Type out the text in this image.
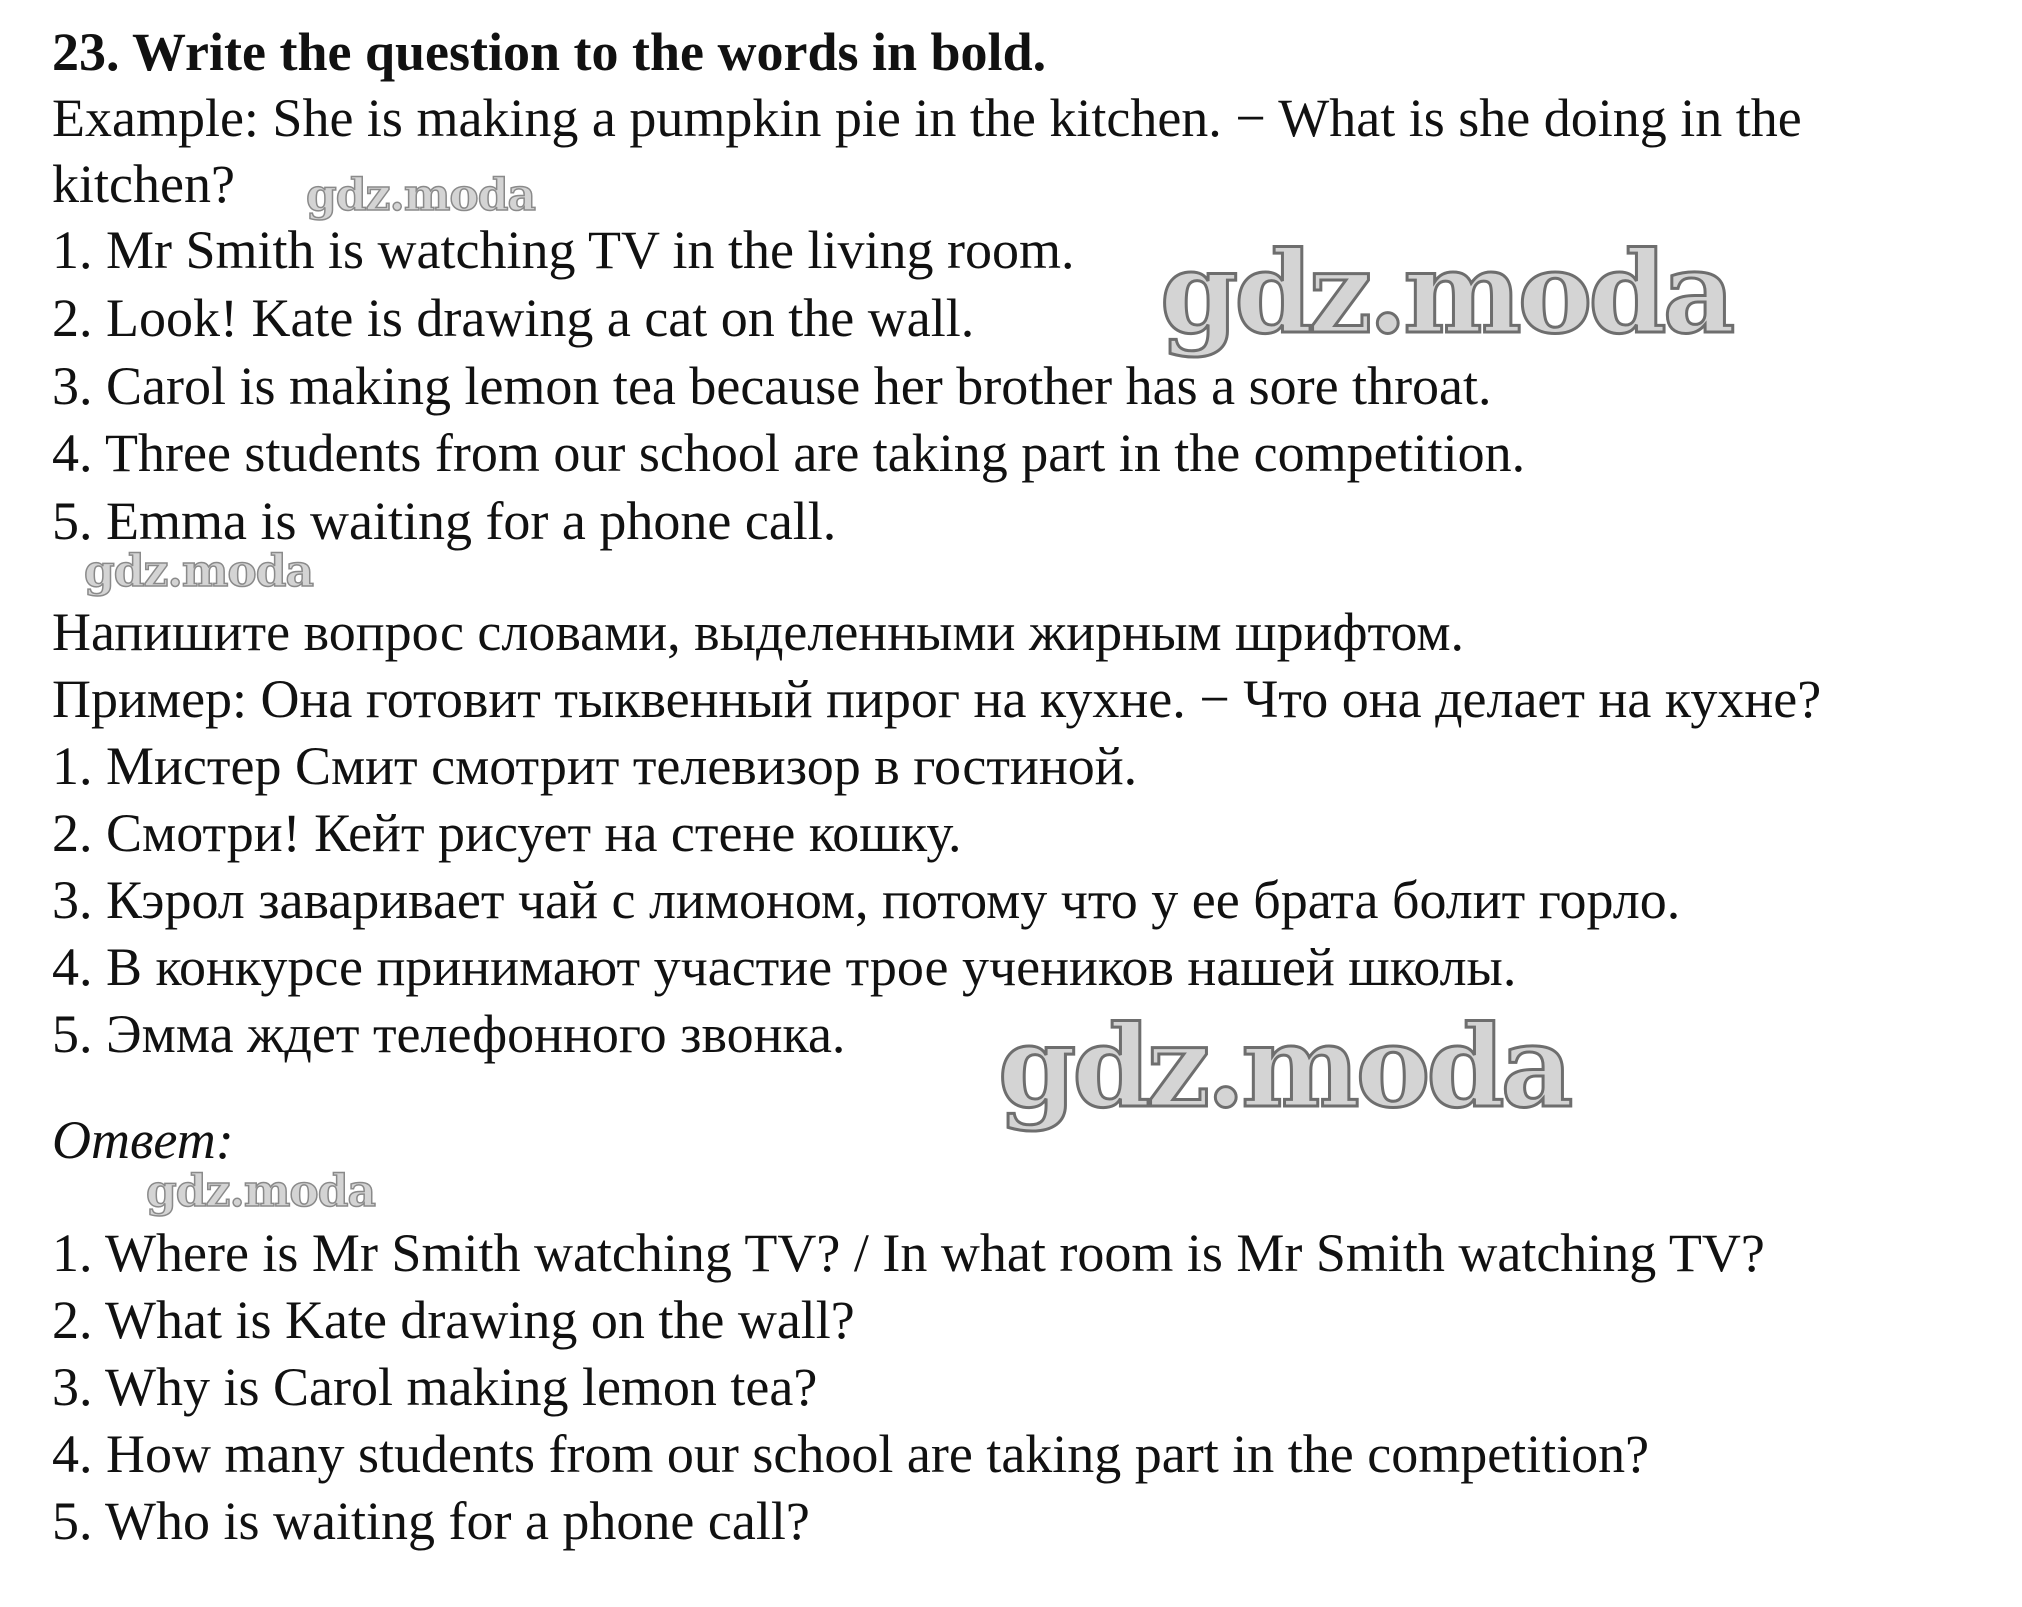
23. Write the question to the words in bold.
Example: She is making a pumpkin pie in the kitchen. − What is she doing in the
kitchen?
1. Mr Smith is watching TV in the living room.
2. Look! Kate is drawing a cat on the wall.
3. Carol is making lemon tea because her brother has a sore throat.
4. Three students from our school are taking part in the competition.
5. Emma is waiting for a phone call.
Напишите вопрос словами, выделенными жирным шрифтом.
Пример: Она готовит тыквенный пирог на кухне. − Что она делает на кухне?
1. Мистер Смит смотрит телевизор в гостиной.
2. Смотри! Кейт рисует на стене кошку.
3. Кэрол заваривает чай с лимоном, потому что у ее брата болит горло.
4. В конкурсе принимают участие трое учеников нашей школы.
5. Эмма ждет телефонного звонка.
Ответ:
1. Where is Mr Smith watching TV? / In what room is Mr Smith watching TV?
2. What is Kate drawing on the wall?
3. Why is Carol making lemon tea?
4. How many students from our school are taking part in the competition?
5. Who is waiting for a phone call?
gdz.moda
gdz.moda
gdz.moda
gdz.moda
gdz.moda
